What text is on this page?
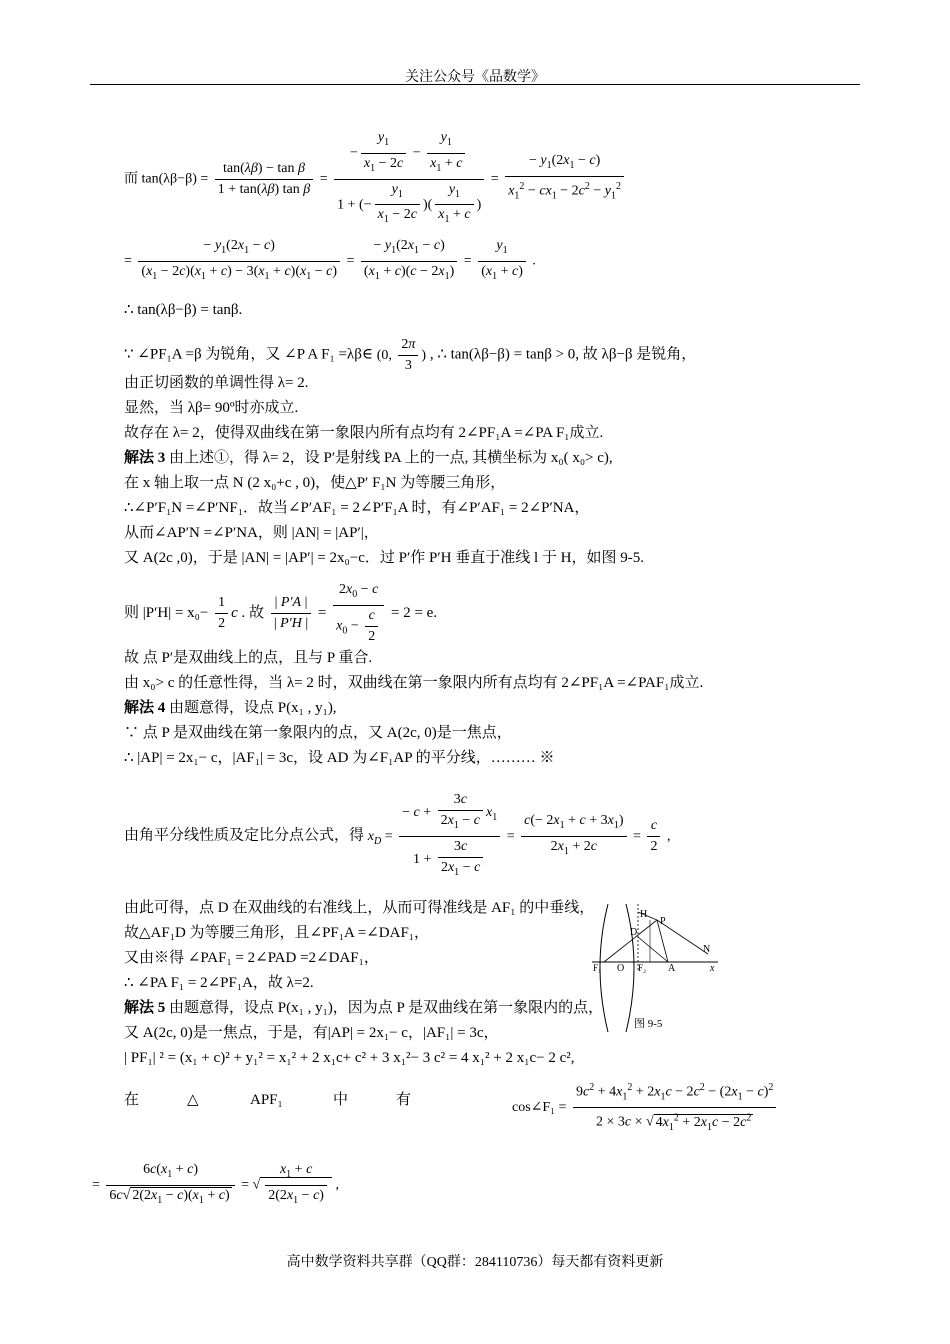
关注公众号《品数学》
而 $\tan(\lambda\beta-\beta) = \frac{\text{tan(λβ) − tan β}}{\text{1 + tan(λβ) tan β}} = \frac{- \frac{y_1}{x_1 - 2c} - \frac{y_1}{x_1 + c}}{1 + (- \frac{y_1}{x_1 - 2c} )( \frac{y_1}{x_1 + c} )} = \frac{- y_1(2x_1 - c)}{x_1^2 - cx_1 - 2c^2 - y_1^2}$
= $\frac{- y_1(2x_1 - c)}{(x_1 - 2c)(x_1 + c) - 3(x_1 + c)(x_1 - c)} = \frac{- y_1(2x_1 - c)}{(x_1 + c)(c - 2x_1)} = \frac{y_1}{(x_1 + c)}$ .
∴ tan(λβ−β) = tanβ.
∵ ∠PF₁A =β 为锐角，又 ∠P A F₁ =λβ∈ (0, $\frac{2\pi}{3}$ ) , ∴ tan(λβ−β) = tanβ > 0, 故 λβ−β 是锐角，
由正切函数的单调性得 λ= 2.
显然，当 λβ= 90º时亦成立.
故存在 λ= 2，使得双曲线在第一象限内所有点均有 2∠PF₁A =∠PA F₁成立.
解法 3 由上述①，得 λ= 2，设 P′是射线 PA 上的一点, 其横坐标为 x₀( x₀> c),
在 x 轴上取一点 N (2 x₀+c , 0)，使△P′ F₁N 为等腰三角形，
∴∠P′F₁N =∠P′NF₁．故当∠P′AF₁ = 2∠P′F₁A 时，有∠P′AF₁ = 2∠P′NA，
从而∠AP′N =∠P′NA，则 |AN| = |AP′|，
又 A(2c ,0)，于是 |AN| = |AP′| = 2x₀−c．过 P′作 P′H 垂直于准线 l 于 H，如图 9-5.
则 $|P'H| = x_0- \frac{1}{2}$ c . 故 $\frac{| P'A |}{| P'H |} = \frac{2x_0 - c}{x_0 - \frac{c}{2}} = 2 = e$.
故 点 P′是双曲线上的点，且与 P 重合.
由 x₀> c 的任意性得，当 λ= 2 时，双曲线在第一象限内所有点均有 2∠PF₁A =∠PAF₁成立.
解法 4 由题意得，设点 P(x₁ , y₁),
∵ 点 P 是双曲线在第一象限内的点，又 A(2c, 0)是一焦点，
∴ |AP| = 2x₁− c，|AF₁| = 3c，设 AD 为∠F₁AP 的平分线，……… ※
由角平分线性质及定比分点公式，得 $x_D = \frac{- c + \frac{3c}{2x_1 - c} x_1}{1 + \frac{3c}{2x_1 - c}} = \frac{c(- 2x_1 + c + 3x_1)}{2x_1 + 2c} = \frac{c}{2}$ ,
由此可得，点 D 在双曲线的右准线上，从而可得准线是 AF₁ 的中垂线，
故△AF₁D 为等腰三角形，且∠PF₁A =∠DAF₁，
又由※得 ∠PAF₁ = 2∠PAD =2∠DAF₁，
∴ ∠PA F₁ = 2∠PF₁A，故 λ=2.
解法 5 由题意得，设点 P(x₁ , y₁)，因为点 P 是双曲线在第一象限内的点，
又 A(2c, 0)是一焦点，于是，有|AP| = 2x₁− c，|AF₁| = 3c，
| PF₁| ² = (x₁ + c)² + y₁² = x₁² + 2 x₁c+ c² + 3 x₁²− 3 c² = 4 x₁² + 2 x₁c− 2 c²,
在	△	APF₁	中	有	cos∠F₁ = $\frac{9c^2 + 4x_1^2 + 2x_1c - 2c^2 - (2x_1 - c)^2}{2 \times 3c \times √ 4x_1^2 + 2x_1c - 2c^2}$
= $\frac{6c(x_1 + c)}{6c√ 2(2x_1 - c)(x_1 + c)}$ = √ $\frac{x_1 + c}{2(2x_1 - c)}$ ,
H
P
D
N
F₁ O F₂ A	x
图 9-5
高中数学资料共享群（QQ群：284110736）每天都有资料更新
